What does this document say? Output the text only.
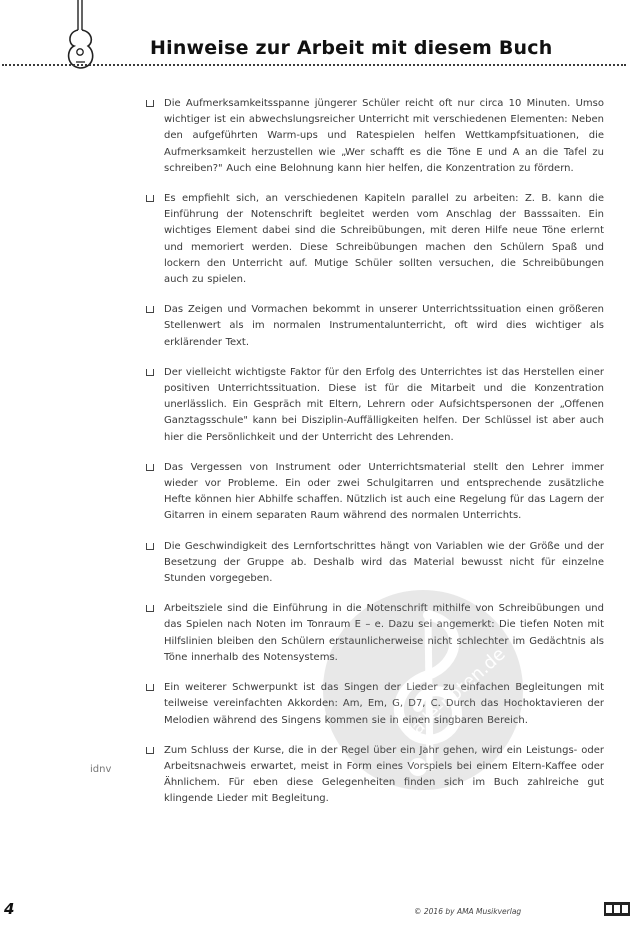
Hinweise zur Arbeit mit diesem Buch

Die Aufmerksamkeitsspanne jüngerer Schüler reicht oft nur circa 10 Minuten. Umso wichtiger ist ein abwechslungsreicher Unterricht mit verschiedenen Elementen: Neben den aufgeführten Warm-ups und Ratespielen helfen Wettkampfsituationen, die Aufmerksamkeit herzustellen wie „Wer schafft es die Töne E und A an die Tafel zu schreiben?" Auch eine Belohnung kann hier helfen, die Konzentration zu fördern.

Es empfiehlt sich, an verschiedenen Kapiteln parallel zu arbeiten: Z. B. kann die Einführung der Notenschrift begleitet werden vom Anschlag der Basssaiten. Ein wichtiges Element dabei sind die Schreibübungen, mit deren Hilfe neue Töne erlernt und memoriert werden. Diese Schreibübungen machen den Schülern Spaß und lockern den Unterricht auf. Mutige Schüler sollten versuchen, die Schreibübungen auch zu spielen.

Das Zeigen und Vormachen bekommt in unserer Unterrichtssituation einen größeren Stellenwert als im normalen Instrumentalunterricht, oft wird dies wichtiger als erklärender Text.

Der vielleicht wichtigste Faktor für den Erfolg des Unterrichtes ist das Herstellen einer positiven Unterrichtssituation. Diese ist für die Mitarbeit und die Konzentration unerlässlich. Ein Gespräch mit Eltern, Lehrern oder Aufsichtspersonen der „Offenen Ganztagsschule" kann bei Disziplin-Auffälligkeiten helfen. Der Schlüssel ist aber auch hier die Persönlichkeit und der Unterricht des Lehrenden.

Das Vergessen von Instrument oder Unterrichtsmaterial stellt den Lehrer immer wieder vor Probleme. Ein oder zwei Schulgitarren und entsprechende zusätzliche Hefte können hier Abhilfe schaffen. Nützlich ist auch eine Regelung für das Lagern der Gitarren in einem separaten Raum während des normalen Unterrichts.

Die Geschwindigkeit des Lernfortschrittes hängt von Variablen wie der Größe und der Besetzung der Gruppe ab. Deshalb wird das Material bewusst nicht für einzelne Stunden vorgegeben.

Arbeitsziele sind die Einführung in die Notenschrift mithilfe von Schreibübungen und das Spielen nach Noten im Tonraum E – e. Dazu sei angemerkt: Die tiefen Noten mit Hilfslinien bleiben den Schülern erstaunlicherweise nicht schlechter im Gedächtnis als Töne innerhalb des Notensystems.

Ein weiterer Schwerpunkt ist das Singen der Lieder zu einfachen Begleitungen mit teilweise vereinfachten Akkorden: Am, Em, G, D7, C. Durch das Hochoktavieren der Melodien während des Singens kommen sie in einen singbaren Bereich.

Zum Schluss der Kurse, die in der Regel über ein Jahr gehen, wird ein Leistungs- oder Arbeitsnachweis erwartet, meist in Form eines Vorspiels bei einem Eltern-Kaffee oder Ähnlichem. Für eben diese Gelegenheiten finden sich im Buch zahlreiche gut klingende Lieder mit Begleitung.

idnv
alle-noten.de

4	© 2016 by AMA Musikverlag
